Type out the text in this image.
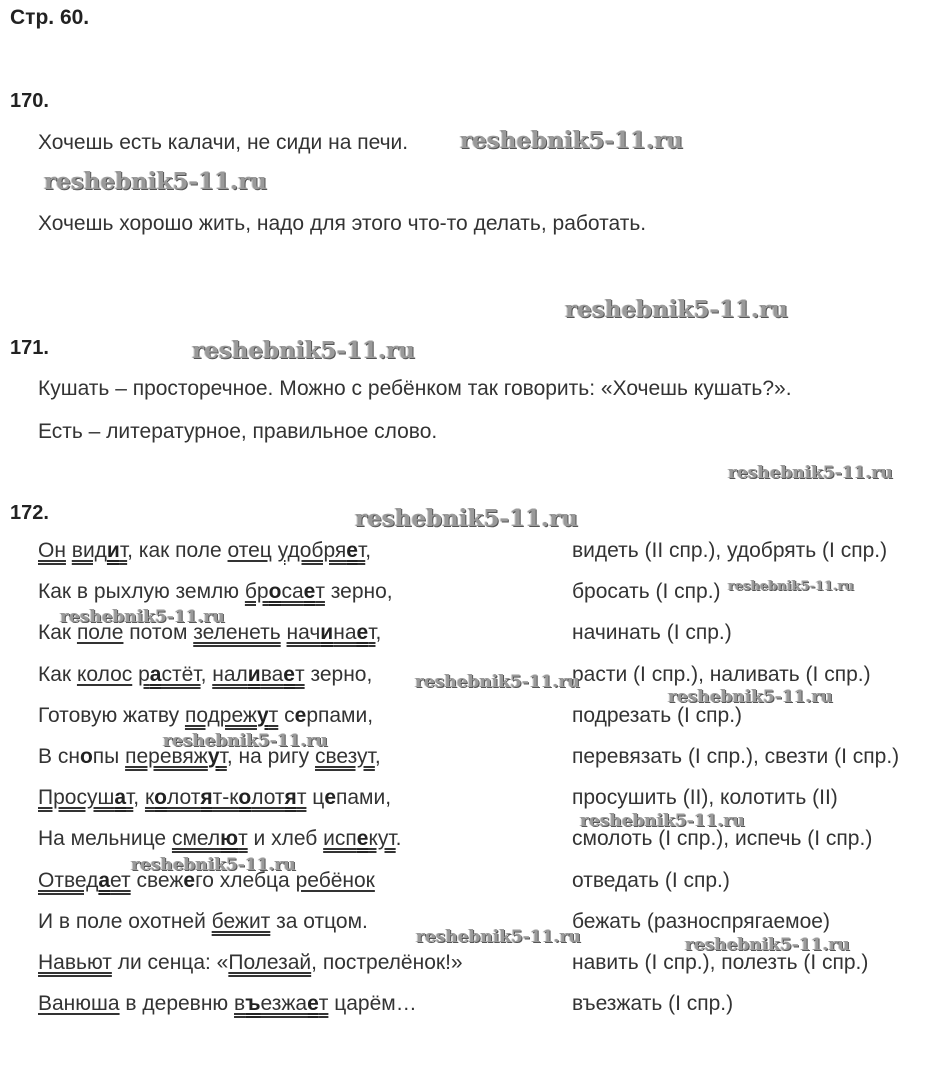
Стр. 60.
170.
Хочешь есть калачи, не сиди на печи.
Хочешь хорошо жить, надо для этого что-то делать, работать.
171.
Кушать – просторечное. Можно с ребёнком так говорить: «Хочешь кушать?».
Есть – литературное, правильное слово.
172.
Он видит, как поле отец удобряет,	видеть (II спр.), удобрять (I спр.)
Как в рыхлую землю бросает зерно,	бросать (I спр.)
Как поле потом зеленеть начинает,	начинать (I спр.)
Как колос растёт, наливает зерно,	расти (I спр.), наливать (I спр.)
Готовую жатву подрежут серпами,	подрезать (I спр.)
В снопы перевяжут, на ригу свезут,	перевязать (I спр.), свезти (I спр.)
Просушат, колотят-колотят цепами,	просушить (II), колотить (II)
На мельнице смелют и хлеб испекут.	смолоть (I спр.), испечь (I спр.)
Отведает свежего хлебца ребёнок	отведать (I спр.)
И в поле охотней бежит за отцом.	бежать (разноспрягаемое)
Навьют ли сенца: «Полезай, пострелёнок!»	навить (I спр.), полезть (I спр.)
Ванюша в деревню въезжает царём…	въезжать (I спр.)
reshebnik5-11.ru
reshebnik5-11.ru
reshebnik5-11.ru
reshebnik5-11.ru
reshebnik5-11.ru
reshebnik5-11.ru
reshebnik5-11.ru
reshebnik5-11.ru
reshebnik5-11.ru
reshebnik5-11.ru
reshebnik5-11.ru
reshebnik5-11.ru
reshebnik5-11.ru
reshebnik5-11.ru	reshebnik5-11.ru
